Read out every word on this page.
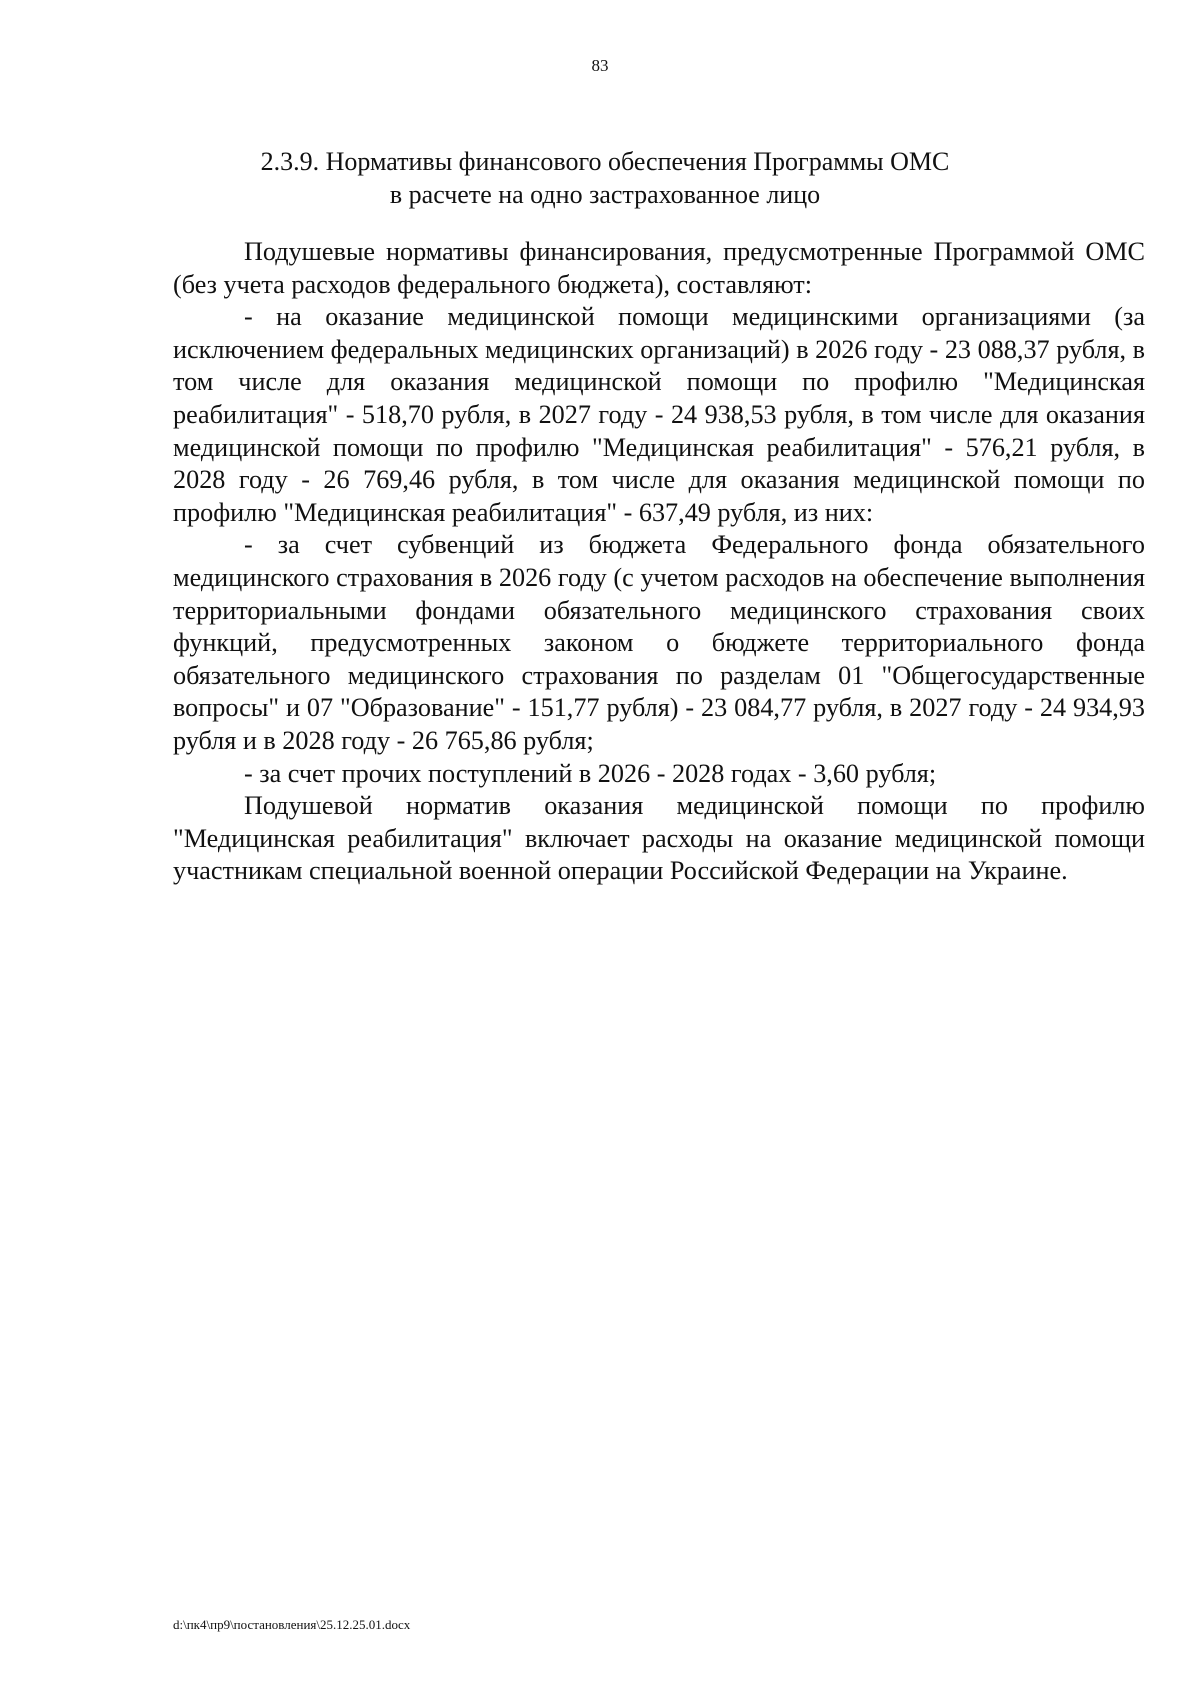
83
2.3.9. Нормативы финансового обеспечения Программы ОМС
в расчете на одно застрахованное лицо

Подушевые нормативы финансирования, предусмотренные Программой ОМС (без учета расходов федерального бюджета), составляют:

- на оказание медицинской помощи медицинскими организациями (за исключением федеральных медицинских организаций) в 2026 году - 23 088,37 рубля, в том числе для оказания медицинской помощи по профилю "Медицинская реабилитация" - 518,70 рубля, в 2027 году - 24 938,53 рубля, в том числе для оказания медицинской помощи по профилю "Медицинская реабилитация" - 576,21 рубля, в 2028 году - 26 769,46 рубля, в том числе для оказания медицинской помощи по профилю "Медицинская реабилитация" - 637,49 рубля, из них:

- за счет субвенций из бюджета Федерального фонда обязательного медицинского страхования в 2026 году (с учетом расходов на обеспечение выполнения территориальными фондами обязательного медицинского страхования своих функций, предусмотренных законом о бюджете территориального фонда обязательного медицинского страхования по разделам 01 "Общегосударственные вопросы" и 07 "Образование" - 151,77 рубля) - 23 084,77 рубля, в 2027 году - 24 934,93 рубля и в 2028 году - 26 765,86 рубля;

- за счет прочих поступлений в 2026 - 2028 годах - 3,60 рубля;

Подушевой норматив оказания медицинской помощи по профилю "Медицинская реабилитация" включает расходы на оказание медицинской помощи участникам специальной военной операции Российской Федерации на Украине.

d:\пк4\пр9\постановления\25.12.25.01.docx
